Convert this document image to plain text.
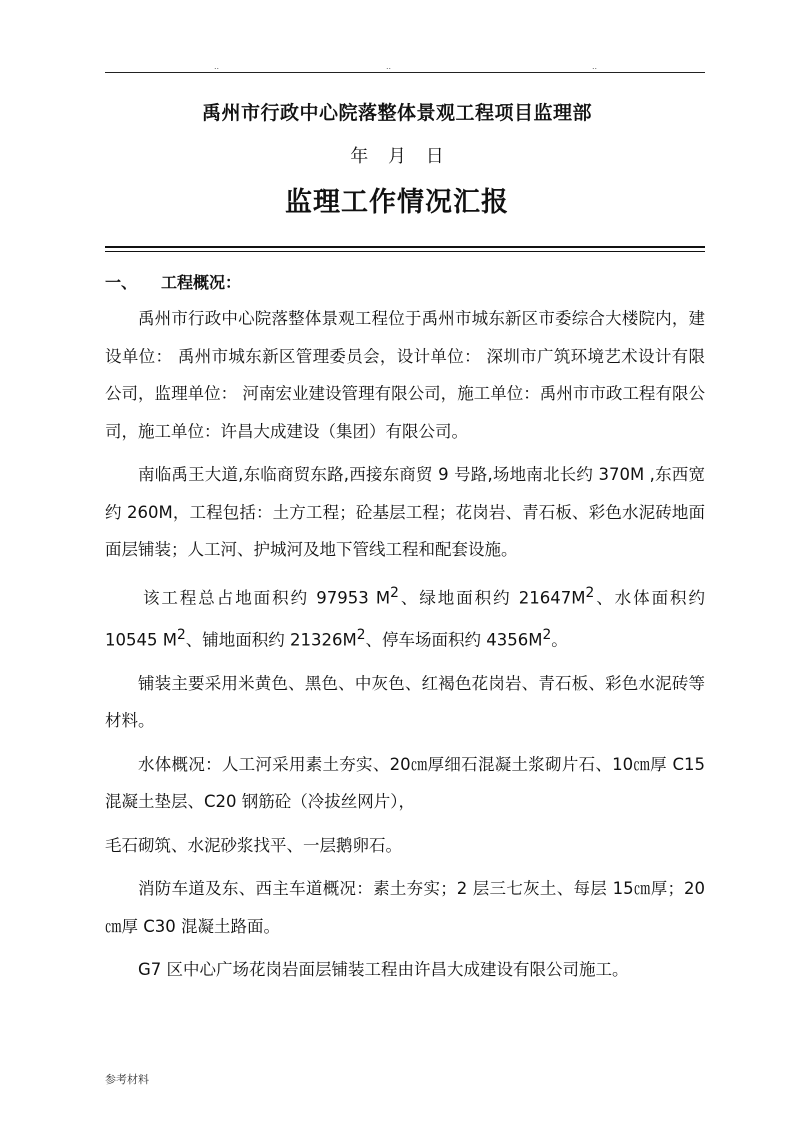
..	..	..
禹州市行政中心院落整体景观工程项目监理部
年 月 日
监理工作情况汇报
一、 工程概况：

禹州市行政中心院落整体景观工程位于禹州市城东新区市委综合大楼院内，建设单位： 禹州市城东新区管理委员会，设计单位： 深圳市广筑环境艺术设计有限公司，监理单位： 河南宏业建设管理有限公司，施工单位：禹州市市政工程有限公司，施工单位：许昌大成建设（集团）有限公司。

南临禹王大道,东临商贸东路,西接东商贸 9 号路,场地南北长约 370M ,东西宽约 260M，工程包括：土方工程；砼基层工程；花岗岩、青石板、彩色水泥砖地面面层铺装；人工河、护城河及地下管线工程和配套设施。

该工程总占地面积约 97953 $M^2$、绿地面积约 $21647M^2$、水体面积约 10545 $M^2$、铺地面积约 $21326M^2$、停车场面积约 $4356M^2$。

铺装主要采用米黄色、黑色、中灰色、红褐色花岗岩、青石板、彩色水泥砖等材料。

水体概况：人工河采用素土夯实、20㎝厚细石混凝土浆砌片石、10㎝厚 C15 混凝土垫层、C20 钢筋砼（冷拔丝网片），

毛石砌筑、水泥砂浆找平、一层鹅卵石。

消防车道及东、西主车道概况：素土夯实；2 层三七灰土、每层 15㎝厚；20㎝厚 C30 混凝土路面。

G7 区中心广场花岗岩面层铺装工程由许昌大成建设有限公司施工。

参考材料
